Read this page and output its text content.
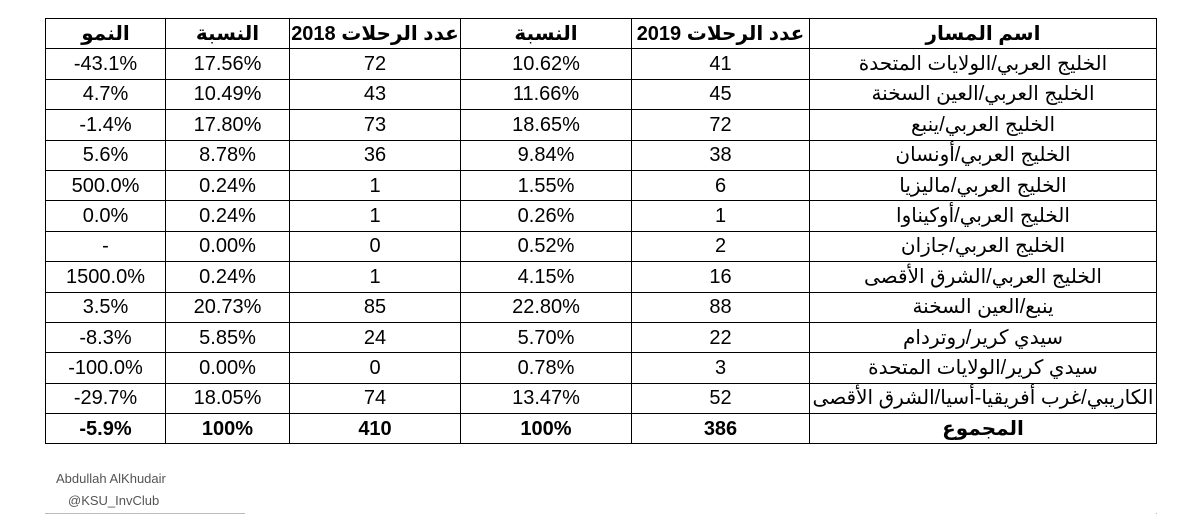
اسم المسار	عدد الرحلات 2019	النسبة	عدد الرحلات 2018	النسبة	النمو
الخليج العربي/الولايات المتحدة	41	10.62%	72	17.56%	-43.1%
الخليج العربي/العين السخنة	45	11.66%	43	10.49%	4.7%
الخليج العربي/ينبع	72	18.65%	73	17.80%	-1.4%
الخليج العربي/أونسان	38	9.84%	36	8.78%	5.6%
الخليج العربي/ماليزيا	6	1.55%	1	0.24%	500.0%
الخليج العربي/أوكيناوا	1	0.26%	1	0.24%	0.0%
الخليج العربي/جازان	2	0.52%	0	0.00%	-
الخليج العربي/الشرق الأقصى	16	4.15%	1	0.24%	1500.0%
ينبع/العين السخنة	88	22.80%	85	20.73%	3.5%
سيدي كرير/روتردام	22	5.70%	24	5.85%	-8.3%
سيدي كرير/الولايات المتحدة	3	0.78%	0	0.00%	-100.0%
الكاريبي/غرب أفريقيا-أسيا/الشرق الأقصى	52	13.47%	74	18.05%	-29.7%
المجموع	386	100%	410	100%	-5.9%
Abdullah AlKhudair
@KSU_InvClub
